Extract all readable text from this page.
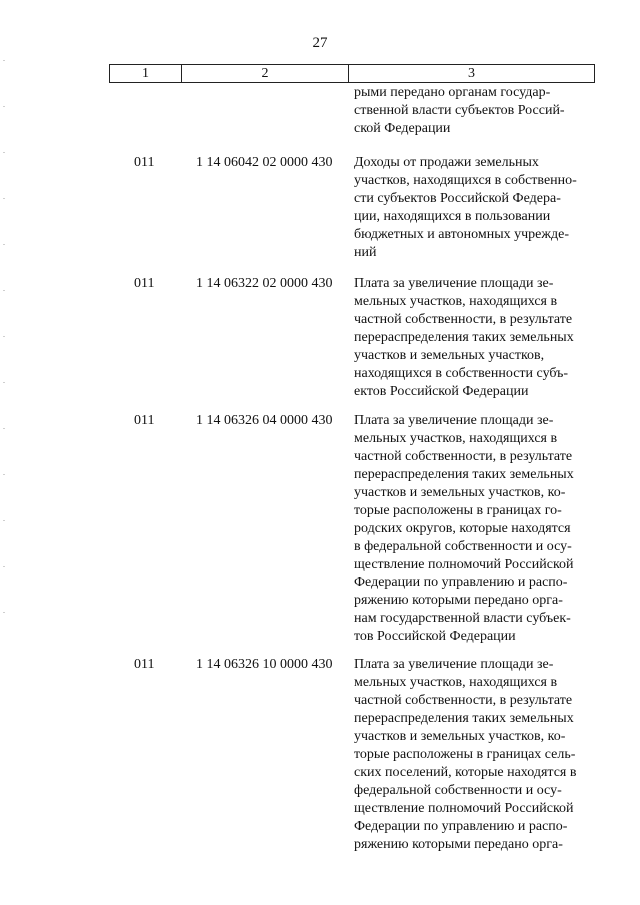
27
1	2	3
рыми передано органам государ-
ственной власти субъектов Россий-
ской Федерации
011	1 14 06042 02 0000 430	Доходы от продажи земельных
участков, находящихся в собственно-
сти субъектов Российской Федера-
ции, находящихся в пользовании
бюджетных и автономных учрежде-
ний
011	1 14 06322 02 0000 430	Плата за увеличение площади зе-
мельных участков, находящихся в
частной собственности, в результате
перераспределения таких земельных
участков и земельных участков,
находящихся в собственности субъ-
ектов Российской Федерации
011	1 14 06326 04 0000 430	Плата за увеличение площади зе-
мельных участков, находящихся в
частной собственности, в результате
перераспределения таких земельных
участков и земельных участков, ко-
торые расположены в границах го-
родских округов, которые находятся
в федеральной собственности и осу-
ществление полномочий Российской
Федерации по управлению и распо-
ряжению которыми передано орга-
нам государственной власти субъек-
тов Российской Федерации
011	1 14 06326 10 0000 430	Плата за увеличение площади зе-
мельных участков, находящихся в
частной собственности, в результате
перераспределения таких земельных
участков и земельных участков, ко-
торые расположены в границах сель-
ских поселений, которые находятся в
федеральной собственности и осу-
ществление полномочий Российской
Федерации по управлению и распо-
ряжению которыми передано орга-
